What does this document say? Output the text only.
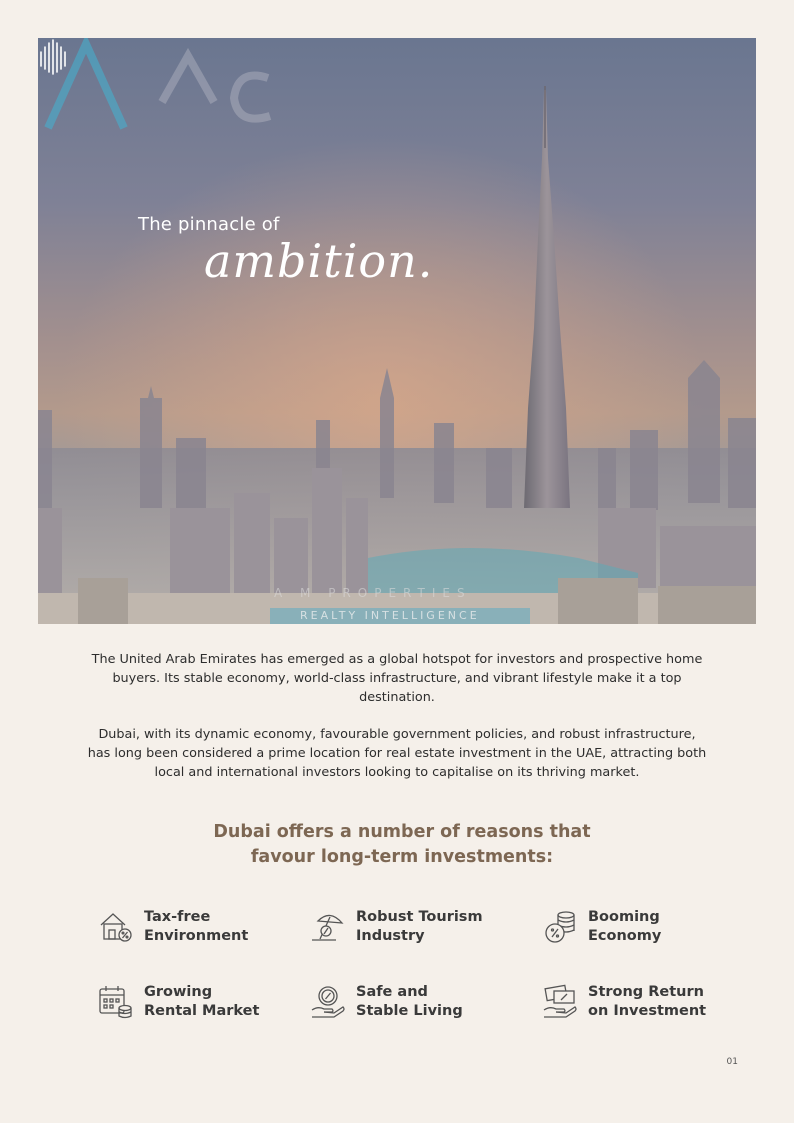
The pinnacle of
ambition.
A M PROPERTIES
REALTY INTELLIGENCE

The United Arab Emirates has emerged as a global hotspot for investors and prospective home buyers. Its stable economy, world-class infrastructure, and vibrant lifestyle make it a top destination.

Dubai, with its dynamic economy, favourable government policies, and robust infrastructure, has long been considered a prime location for real estate investment in the UAE, attracting both local and international investors looking to capitalise on its thriving market.

Dubai offers a number of reasons that
favour long-term investments:
Tax-free
Environment
Robust Tourism
Industry
Booming
Economy
Growing
Rental Market
Safe and
Stable Living
Strong Return
on Investment
01
